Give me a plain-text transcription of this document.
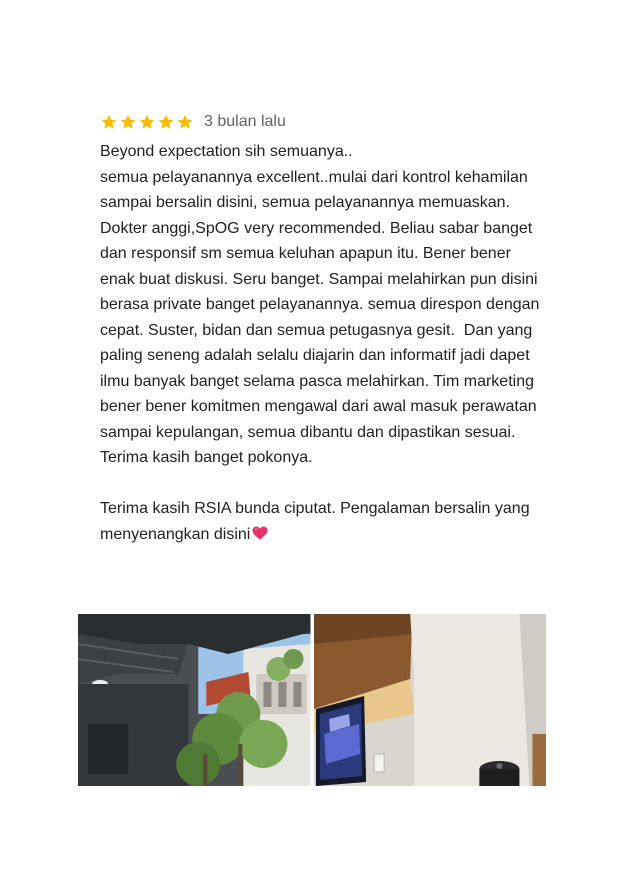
3 bulan lalu
Beyond expectation sih semuanya..
semua pelayanannya excellent..mulai dari kontrol kehamilan sampai bersalin disini, semua pelayanannya memuaskan. Dokter anggi,SpOG very recommended. Beliau sabar banget dan responsif sm semua keluhan apapun itu. Bener bener enak buat diskusi. Seru banget. Sampai melahirkan pun disini berasa private banget pelayanannya. semua direspon dengan cepat. Suster, bidan dan semua petugasnya gesit.  Dan yang paling seneng adalah selalu diajarin dan informatif jadi dapet ilmu banyak banget selama pasca melahirkan. Tim marketing bener bener komitmen mengawal dari awal masuk perawatan sampai kepulangan, semua dibantu dan dipastikan sesuai. Terima kasih banget pokonya.

Terima kasih RSIA bunda ciputat. Pengalaman bersalin yang menyenangkan disini
